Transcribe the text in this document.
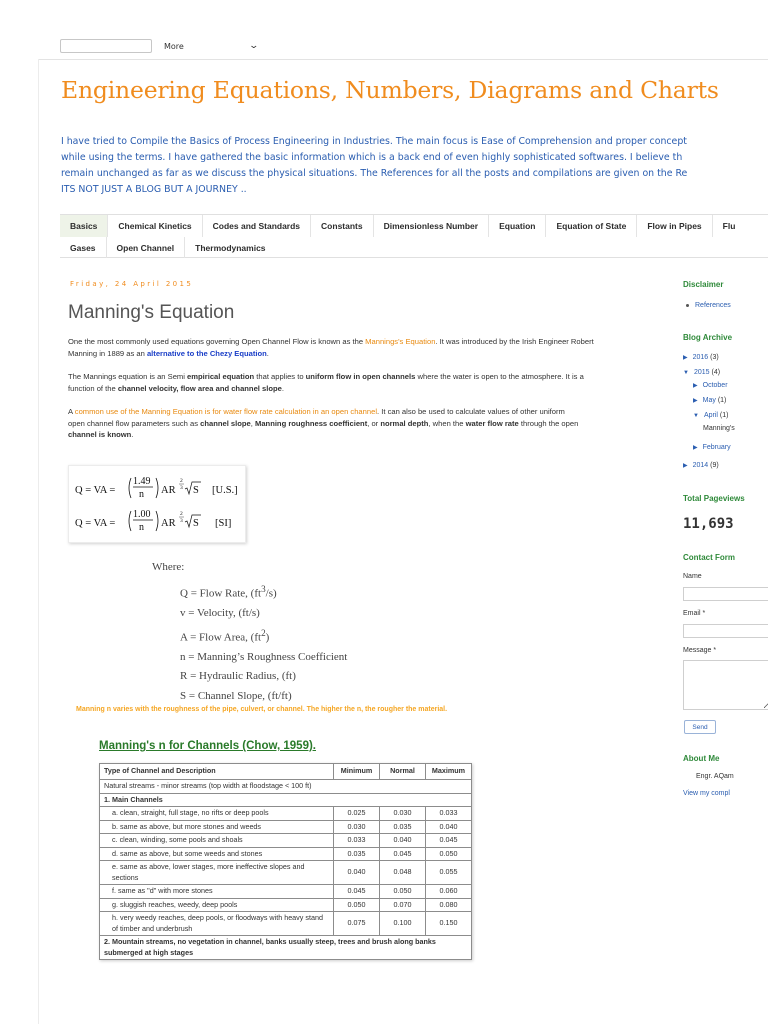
More	⌄
Engineering Equations, Numbers, Diagrams and Charts
I have tried to Compile the Basics of Process Engineering in Industries. The main focus is Ease of Comprehension and proper concept
while using the terms. I have gathered the basic information which is a back end of even highly sophisticated softwares. I believe th
remain unchanged as far as we discuss the physical situations. The References for all the posts and compilations are given on the Re
ITS NOT JUST A BLOG BUT A JOURNEY ..
Basics	Chemical Kinetics	Codes and Standards	Constants	Dimensionless Number	Equation	Equation of State	Flow in Pipes	Flu
Gases	Open Channel	Thermodynamics
Friday, 24 April 2015
Manning's Equation
One the most commonly used equations governing Open Channel Flow is known as the Mannings's Equation. It was introduced by the Irish Engineer Robert
Manning in 1889 as an alternative to the Chezy Equation.
The Mannings equation is an Semi empirical equation that applies to uniform flow in open channels where the water is open to the atmosphere. It is a
function of the channel velocity, flow area and channel slope.
A common use of the Manning Equation is for water flow rate calculation in an open channel. It can also be used to calculate values of other uniform
open channel flow parameters such as channel slope, Manning roughness coefficient, or normal depth, when the water flow rate through the open
channel is known.
Q = VA =
1.49
n AR
2
3 S [U.S.]
Q = VA =
1.00
n AR
2
3 S [SI]
Where:
Q = Flow Rate, $(ft^3/s)$
v = Velocity, (ft/s)
A = Flow Area, $(ft^2)$
n = Manning’s Roughness Coefficient
R = Hydraulic Radius, (ft)
S = Channel Slope, (ft/ft)
Manning n varies with the roughness of the pipe, culvert, or channel. The higher the n, the rougher the material.
Manning's n for Channels (Chow, 1959).
Type of Channel and Description	Minimum	Normal	Maximum
Natural streams - minor streams (top width at floodstage < 100 ft)			
1. Main Channels			
a. clean, straight, full stage, no rifts or deep pools	0.025	0.030	0.033
b. same as above, but more stones and weeds	0.030	0.035	0.040
c. clean, winding, some pools and shoals	0.033	0.040	0.045
d. same as above, but some weeds and stones	0.035	0.045	0.050
e. same as above, lower stages, more ineffective slopes and sections	0.040	0.048	0.055
f. same as "d" with more stones	0.045	0.050	0.060
g. sluggish reaches, weedy, deep pools	0.050	0.070	0.080
h. very weedy reaches, deep pools, or floodways with heavy stand of timber and underbrush	0.075	0.100	0.150
2. Mountain streams, no vegetation in channel, banks usually steep, trees and brush along banks submerged at high stages			
Disclaimer
References
Blog Archive
▶ 2016 (3)
▼ 2015 (4)
▶ October
▶ May (1)
▼ April (1)
Manning's
▶ February
▶ 2014 (9)
Total Pageviews
11,693
Contact Form
Name
Email *
Message *
Send
About Me
Engr. AQam
View my compl
